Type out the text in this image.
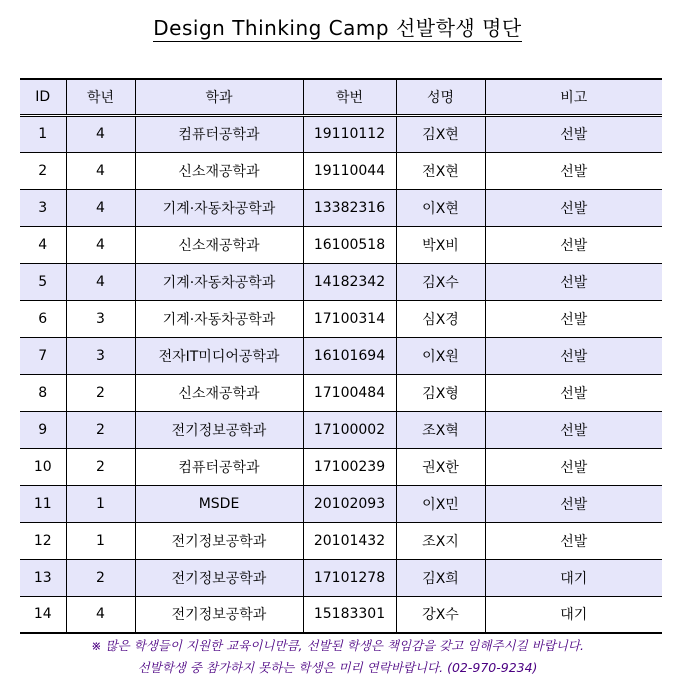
Design Thinking Camp 선발학생 명단
ID	학년	학과	학번	성명	비고
1	4	컴퓨터공학과	19110112	김X현	선발
2	4	신소재공학과	19110044	전X현	선발
3	4	기계·자동차공학과	13382316	이X현	선발
4	4	신소재공학과	16100518	박X비	선발
5	4	기계·자동차공학과	14182342	김X수	선발
6	3	기계·자동차공학과	17100314	심X경	선발
7	3	전자IT미디어공학과	16101694	이X원	선발
8	2	신소재공학과	17100484	김X형	선발
9	2	전기정보공학과	17100002	조X혁	선발
10	2	컴퓨터공학과	17100239	권X한	선발
11	1	MSDE	20102093	이X민	선발
12	1	전기정보공학과	20101432	조X지	선발
13	2	전기정보공학과	17101278	김X희	대기
14	4	전기정보공학과	15183301	강X수	대기
※ 많은 학생들이 지원한 교육이니만큼, 선발된 학생은 책임감을 갖고 임해주시길 바랍니다.
선발학생 중 참가하지 못하는 학생은 미리 연락바랍니다. (02-970-9234)
